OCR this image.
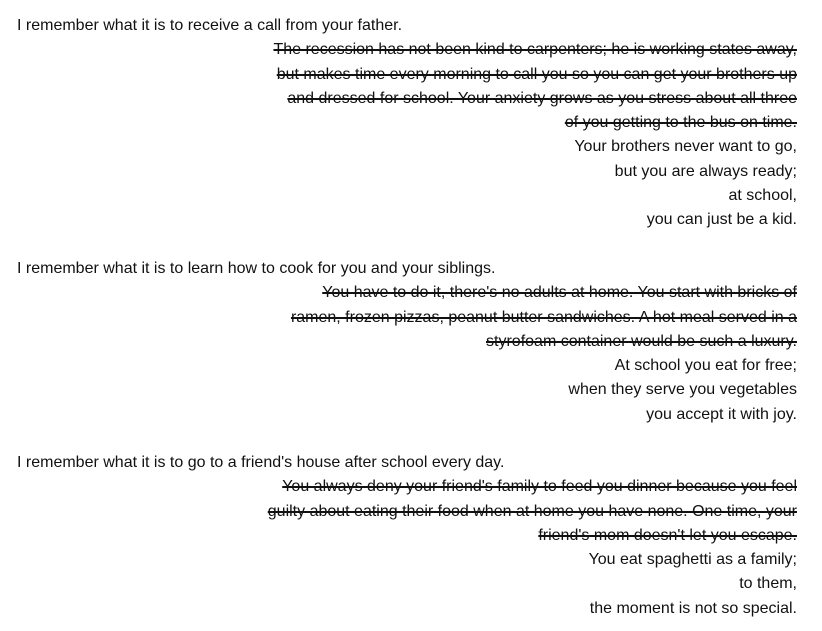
I remember what it is to receive a call from your father.
The recession has not been kind to carpenters; he is working states away,
but makes time every morning to call you so you can get your brothers up
and dressed for school. Your anxiety grows as you stress about all three
of you getting to the bus on time.
Your brothers never want to go,
but you are always ready;
at school,
you can just be a kid.
I remember what it is to learn how to cook for you and your siblings.
You have to do it, there's no adults at home. You start with bricks of
ramen, frozen pizzas, peanut butter sandwiches. A hot meal served in a
styrofoam container would be such a luxury.
At school you eat for free;
when they serve you vegetables
you accept it with joy.
I remember what it is to go to a friend's house after school every day.
You always deny your friend's family to feed you dinner because you feel
guilty about eating their food when at home you have none. One time, your
friend's mom doesn't let you escape.
You eat spaghetti as a family;
to them,
the moment is not so special.
